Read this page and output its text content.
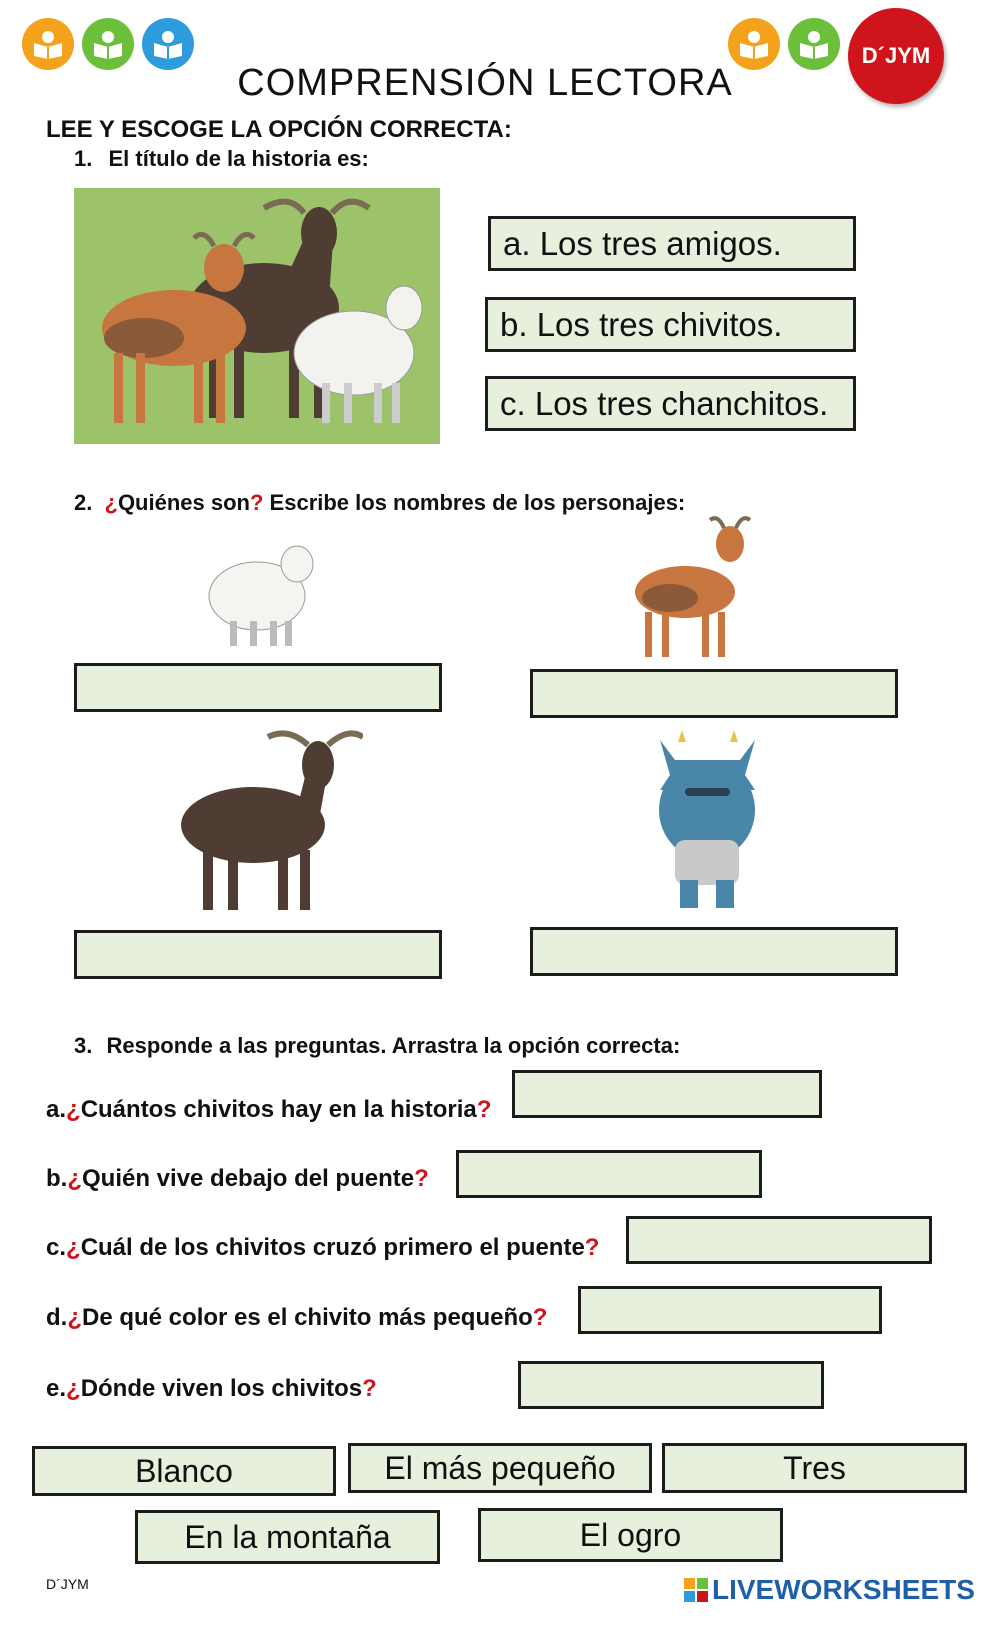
D´JYM
COMPRENSIÓN LECTORA
LEE Y ESCOGE LA OPCIÓN CORRECTA:
1. El título de la historia es:
a. Los tres amigos.
b. Los tres chivitos.
c. Los tres chanchitos.
2. ¿Quiénes son? Escribe los nombres de los personajes:
3. Responde a las preguntas. Arrastra la opción correcta:
a.¿Cuántos chivitos hay en la historia?
b.¿Quién vive debajo del puente?
c.¿Cuál de los chivitos cruzó primero el puente?
d.¿De qué color es el chivito más pequeño?
e.¿Dónde viven los chivitos?
Blanco	El más pequeño	Tres
En la montaña	El ogro
D´JYM	LIVEWORKSHEETS
